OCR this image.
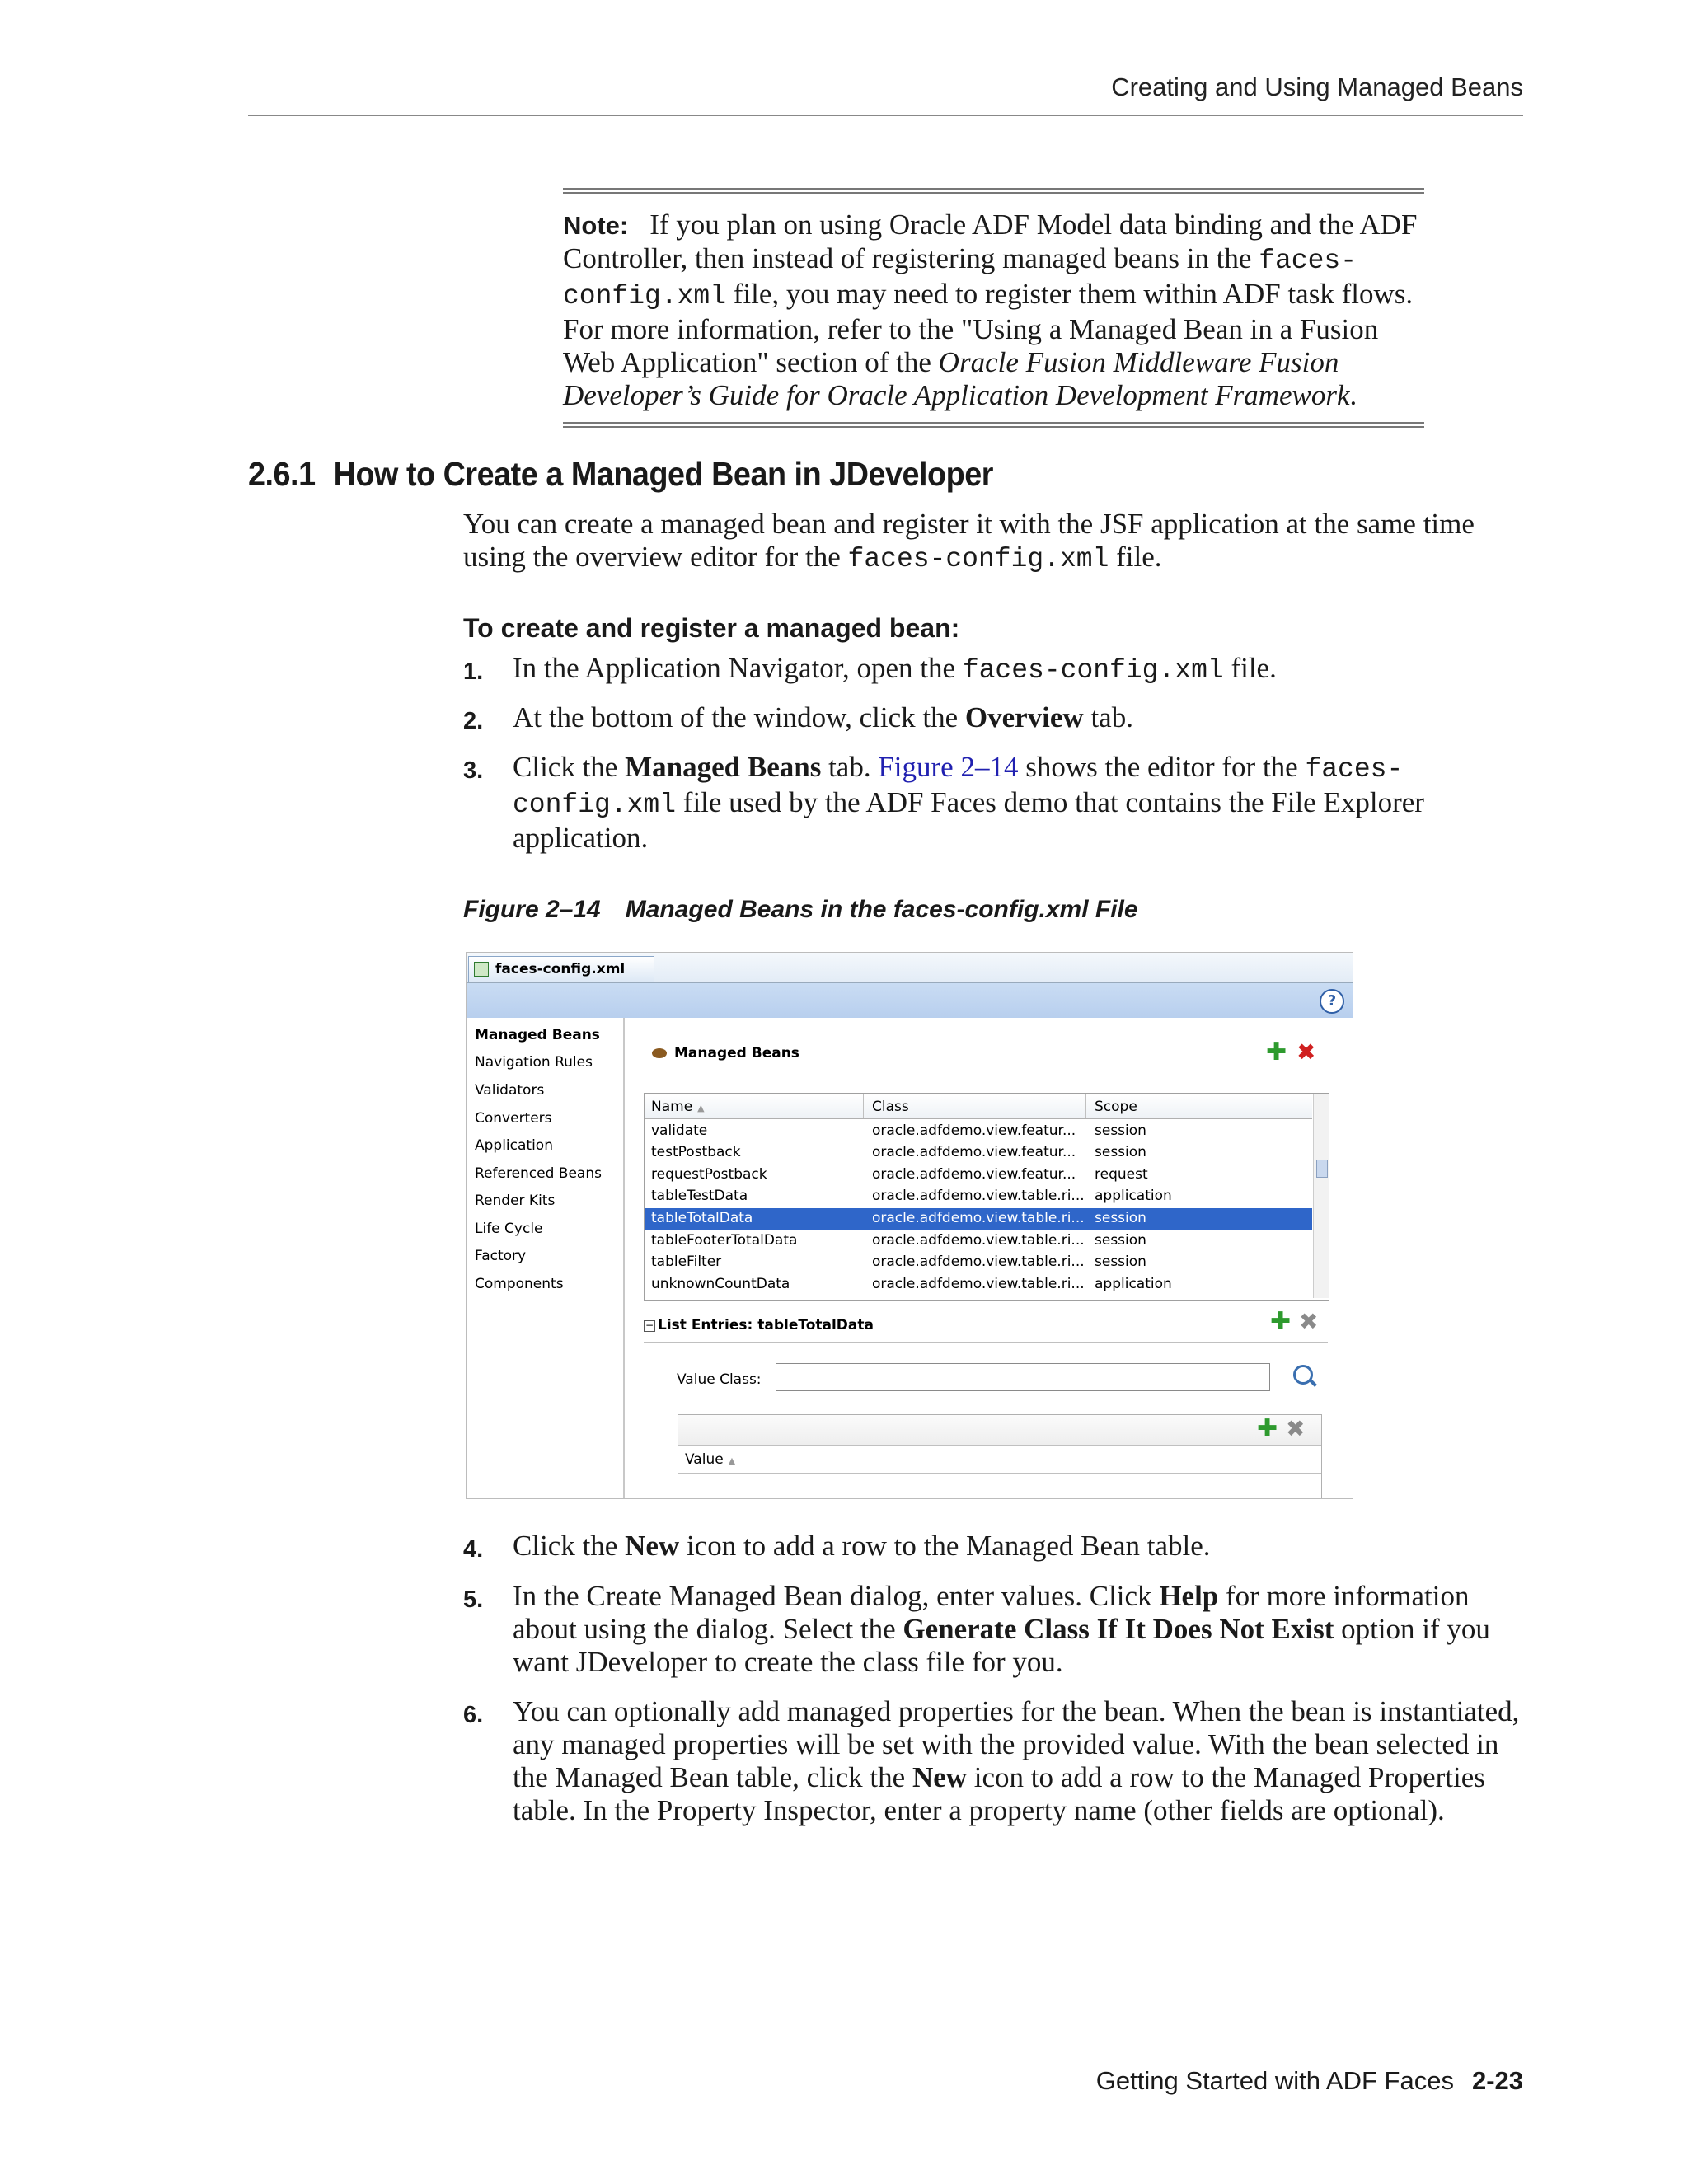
Creating and Using Managed Beans
Note: If you plan on using Oracle ADF Model data binding and the ADF Controller, then instead of registering managed beans in the faces-config.xml file, you may need to register them within ADF task flows. For more information, refer to the "Using a Managed Bean in a Fusion Web Application" section of the Oracle Fusion Middleware Fusion Developer’s Guide for Oracle Application Development Framework.
2.6.1 How to Create a Managed Bean in JDeveloper
You can create a managed bean and register it with the JSF application at the same time using the overview editor for the faces-config.xml file.
To create and register a managed bean:
1. In the Application Navigator, open the faces-config.xml file.
2. At the bottom of the window, click the Overview tab.
3. Click the Managed Beans tab. Figure 2–14 shows the editor for the faces-config.xml file used by the ADF Faces demo that contains the File Explorer application.
Figure 2–14 Managed Beans in the faces-config.xml File
faces-config.xml
?
Managed Beans
Navigation Rules
Validators
Converters
Application
Referenced Beans
Render Kits
Life Cycle
Factory
Components
Managed Beans	✚ ✖
Name ▲	Class	Scope
validate	oracle.adfdemo.view.featur... session
testPostback	oracle.adfdemo.view.featur... session
requestPostback	oracle.adfdemo.view.featur... request
tableTestData	oracle.adfdemo.view.table.ri... application
tableTotalData	oracle.adfdemo.view.table.ri... session
tableFooterTotalData	oracle.adfdemo.view.table.ri... session
tableFilter	oracle.adfdemo.view.table.ri... session
unknownCountData	oracle.adfdemo.view.table.ri... application
− List Entries: tableTotalData	✚ ✖
Value Class:
✚ ✖
Value ▲
4. Click the New icon to add a row to the Managed Bean table.
5. In the Create Managed Bean dialog, enter values. Click Help for more information about using the dialog. Select the Generate Class If It Does Not Exist option if you want JDeveloper to create the class file for you.
6. You can optionally add managed properties for the bean. When the bean is instantiated, any managed properties will be set with the provided value. With the bean selected in the Managed Bean table, click the New icon to add a row to the Managed Properties table. In the Property Inspector, enter a property name (other fields are optional).
Getting Started with ADF Faces 2-23
